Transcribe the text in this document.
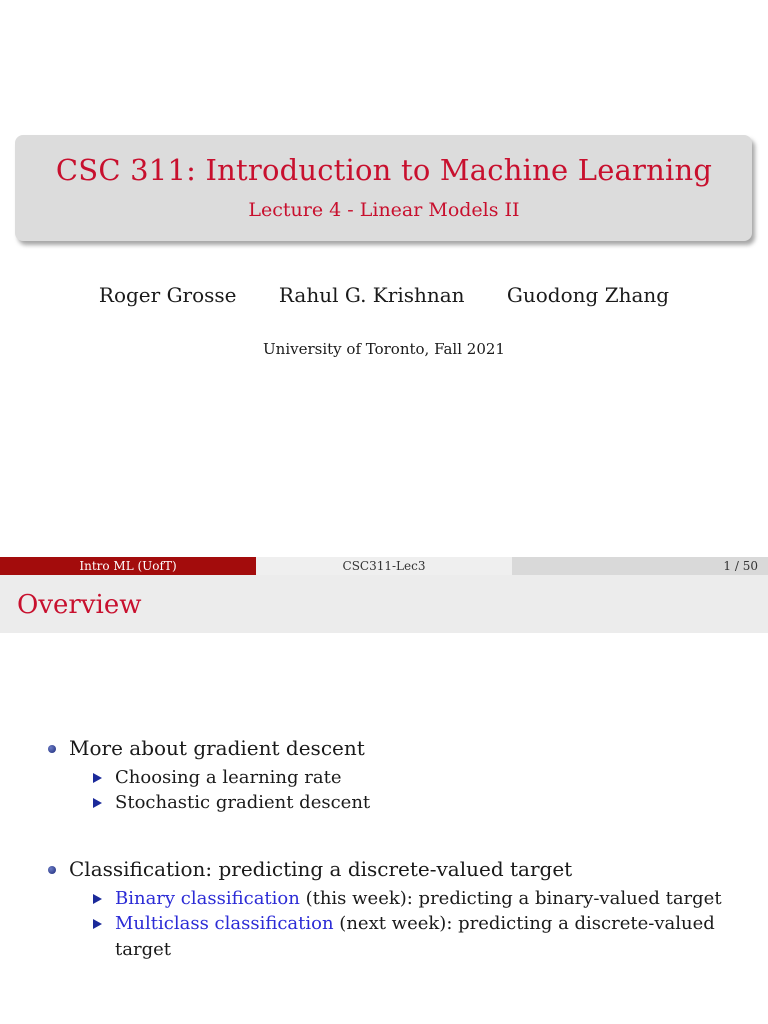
CSC 311: Introduction to Machine Learning
Lecture 4 - Linear Models II
Roger Grosse Rahul G. Krishnan Guodong Zhang
University of Toronto, Fall 2021
Intro ML (UofT)	CSC311-Lec3	1 / 50
Overview
More about gradient descent
Choosing a learning rate
Stochastic gradient descent
Classification: predicting a discrete-valued target
Binary classification (this week): predicting a binary-valued target
Multiclass classification (next week): predicting a discrete-valued
target
